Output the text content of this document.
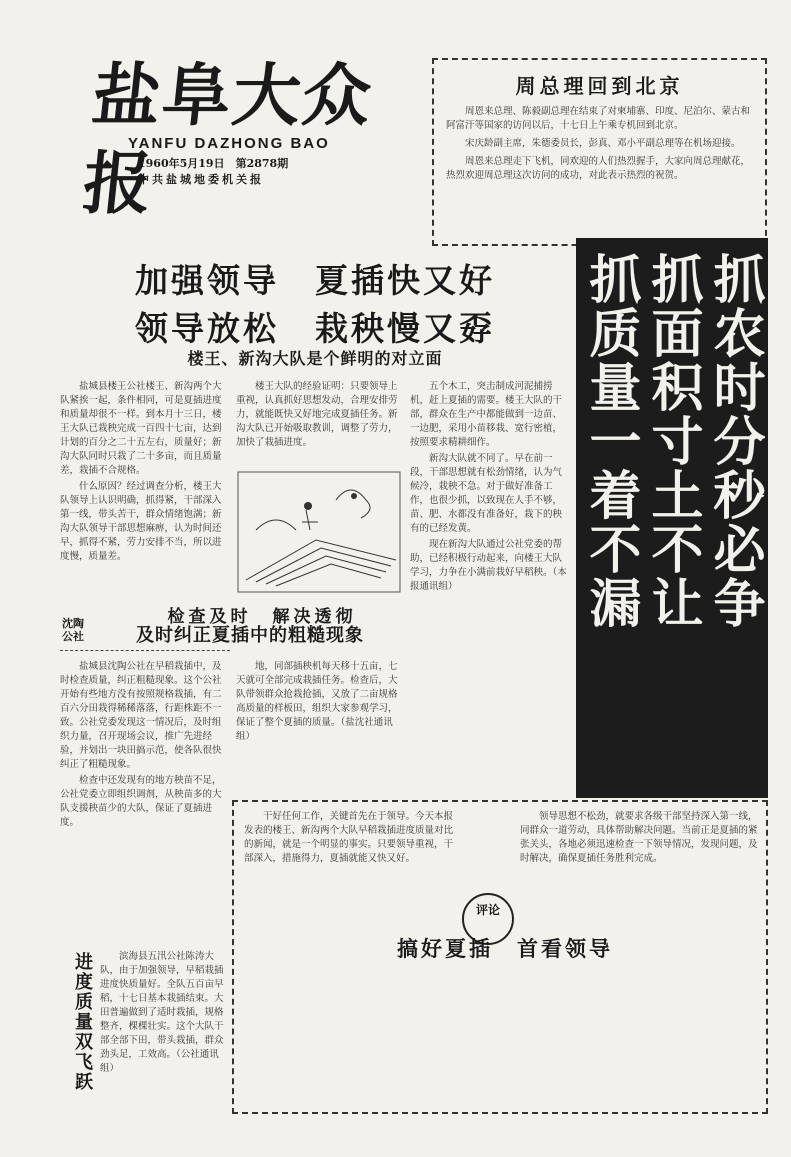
盐阜大众报
YANFU DAZHONG BAO
1960年5月19日　第2878期
中共盐城地委机关报
周总理回到北京

周恩来总理、陈毅副总理在结束了对柬埔寨、印度、尼泊尔、蒙古和阿富汗等国家的访问以后，十七日上午乘专机回到北京。

宋庆龄副主席，朱德委员长，彭真、邓小平副总理等在机场迎接。

周恩来总理走下飞机，同欢迎的人们热烈握手，大家向周总理献花，热烈欢迎周总理这次访问的成功，对此表示热烈的祝贺。

加强领导　夏插快又好
领导放松　栽秧慢又孬
楼王、新沟大队是个鲜明的对立面	抓农时分秒必争
抓面积寸土不让
抓质量一着不漏

盐城县楼王公社楼王、新沟两个大队紧挨一起，条件相同，可是夏插进度和质量却很不一样。到本月十三日，楼王大队已栽秧完成一百四十七亩，达到计划的百分之二十五左右，质量好；新沟大队同时只栽了二十多亩，而且质量差，栽插不合规格。

什么原因？经过调查分析，楼王大队领导上认识明确，抓得紧，干部深入第一线，带头苦干，群众情绪饱满；新沟大队领导干部思想麻痹，认为时间还早，抓得不紧，劳力安排不当，所以进度慢，质量差。

楼王大队的经验证明：只要领导上重视，认真抓好思想发动，合理安排劳力，就能既快又好地完成夏插任务。新沟大队已开始吸取教训，调整了劳力，加快了栽插进度。

五个木工，突击制成河泥捕捞机，赶上夏插的需要。楼王大队的干部，群众在生产中都能做到一边苗、一边肥，采用小苗移栽、宽行密植，按照要求精耕细作。

新沟大队就不同了。早在前一段，干部思想就有松劲情绪，认为气候冷，栽秧不急。对于做好准备工作，也很少抓，以致现在人手不够，苗、肥、水都没有准备好，栽下的秧有的已经发黄。

现在新沟大队通过公社党委的帮助，已经积极行动起来，向楼王大队学习，力争在小满前栽好早稻秧。（本报通讯组）

检查及时　解决透彻
沈陶公社	及时纠正夏插中的粗糙现象

盐城县沈陶公社在早稻栽插中，及时检查质量，纠正粗糙现象。这个公社开始有些地方没有按照规格栽插，有二百六分田栽得稀稀落落，行距株距不一致。公社党委发现这一情况后，及时组织力量，召开现场会议，推广先进经验，并划出一块田搞示范，使各队很快纠正了粗糙现象。

检查中还发现有的地方秧苗不足，公社党委立即组织调剂，从秧苗多的大队支援秧苗少的大队，保证了夏插进度。

地，同部插秧机每天移十五亩，七天就可全部完成栽插任务。检查后，大队带领群众抢栽抢插，又放了二亩规格高质量的样板田，组织大家参观学习，保证了整个夏插的质量。（盐沈社通讯组）

进度质量双飞跃	滨海县五汛公社陈涛大队，由于加强领导，早稻栽插进度快质量好。全队五百亩早稻，十七日基本栽插结束。大田普遍做到了适时栽插，规格整齐，棵棵壮实。这个大队干部全部下田，带头栽插，群众劲头足，工效高。（公社通讯组）

干好任何工作，关键首先在于领导。今天本报发表的楼王、新沟两个大队早稻栽插进度质量对比的新闻，就是一个明显的事实。只要领导重视，干部深入，措施得力，夏插就能又快又好。

领导思想不松劲，就要求各级干部坚持深入第一线，同群众一道劳动，具体帮助解决问题。当前正是夏插的紧张关头，各地必须迅速检查一下领导情况，发现问题，及时解决，确保夏插任务胜利完成。

评论
搞好夏插　首看领导
